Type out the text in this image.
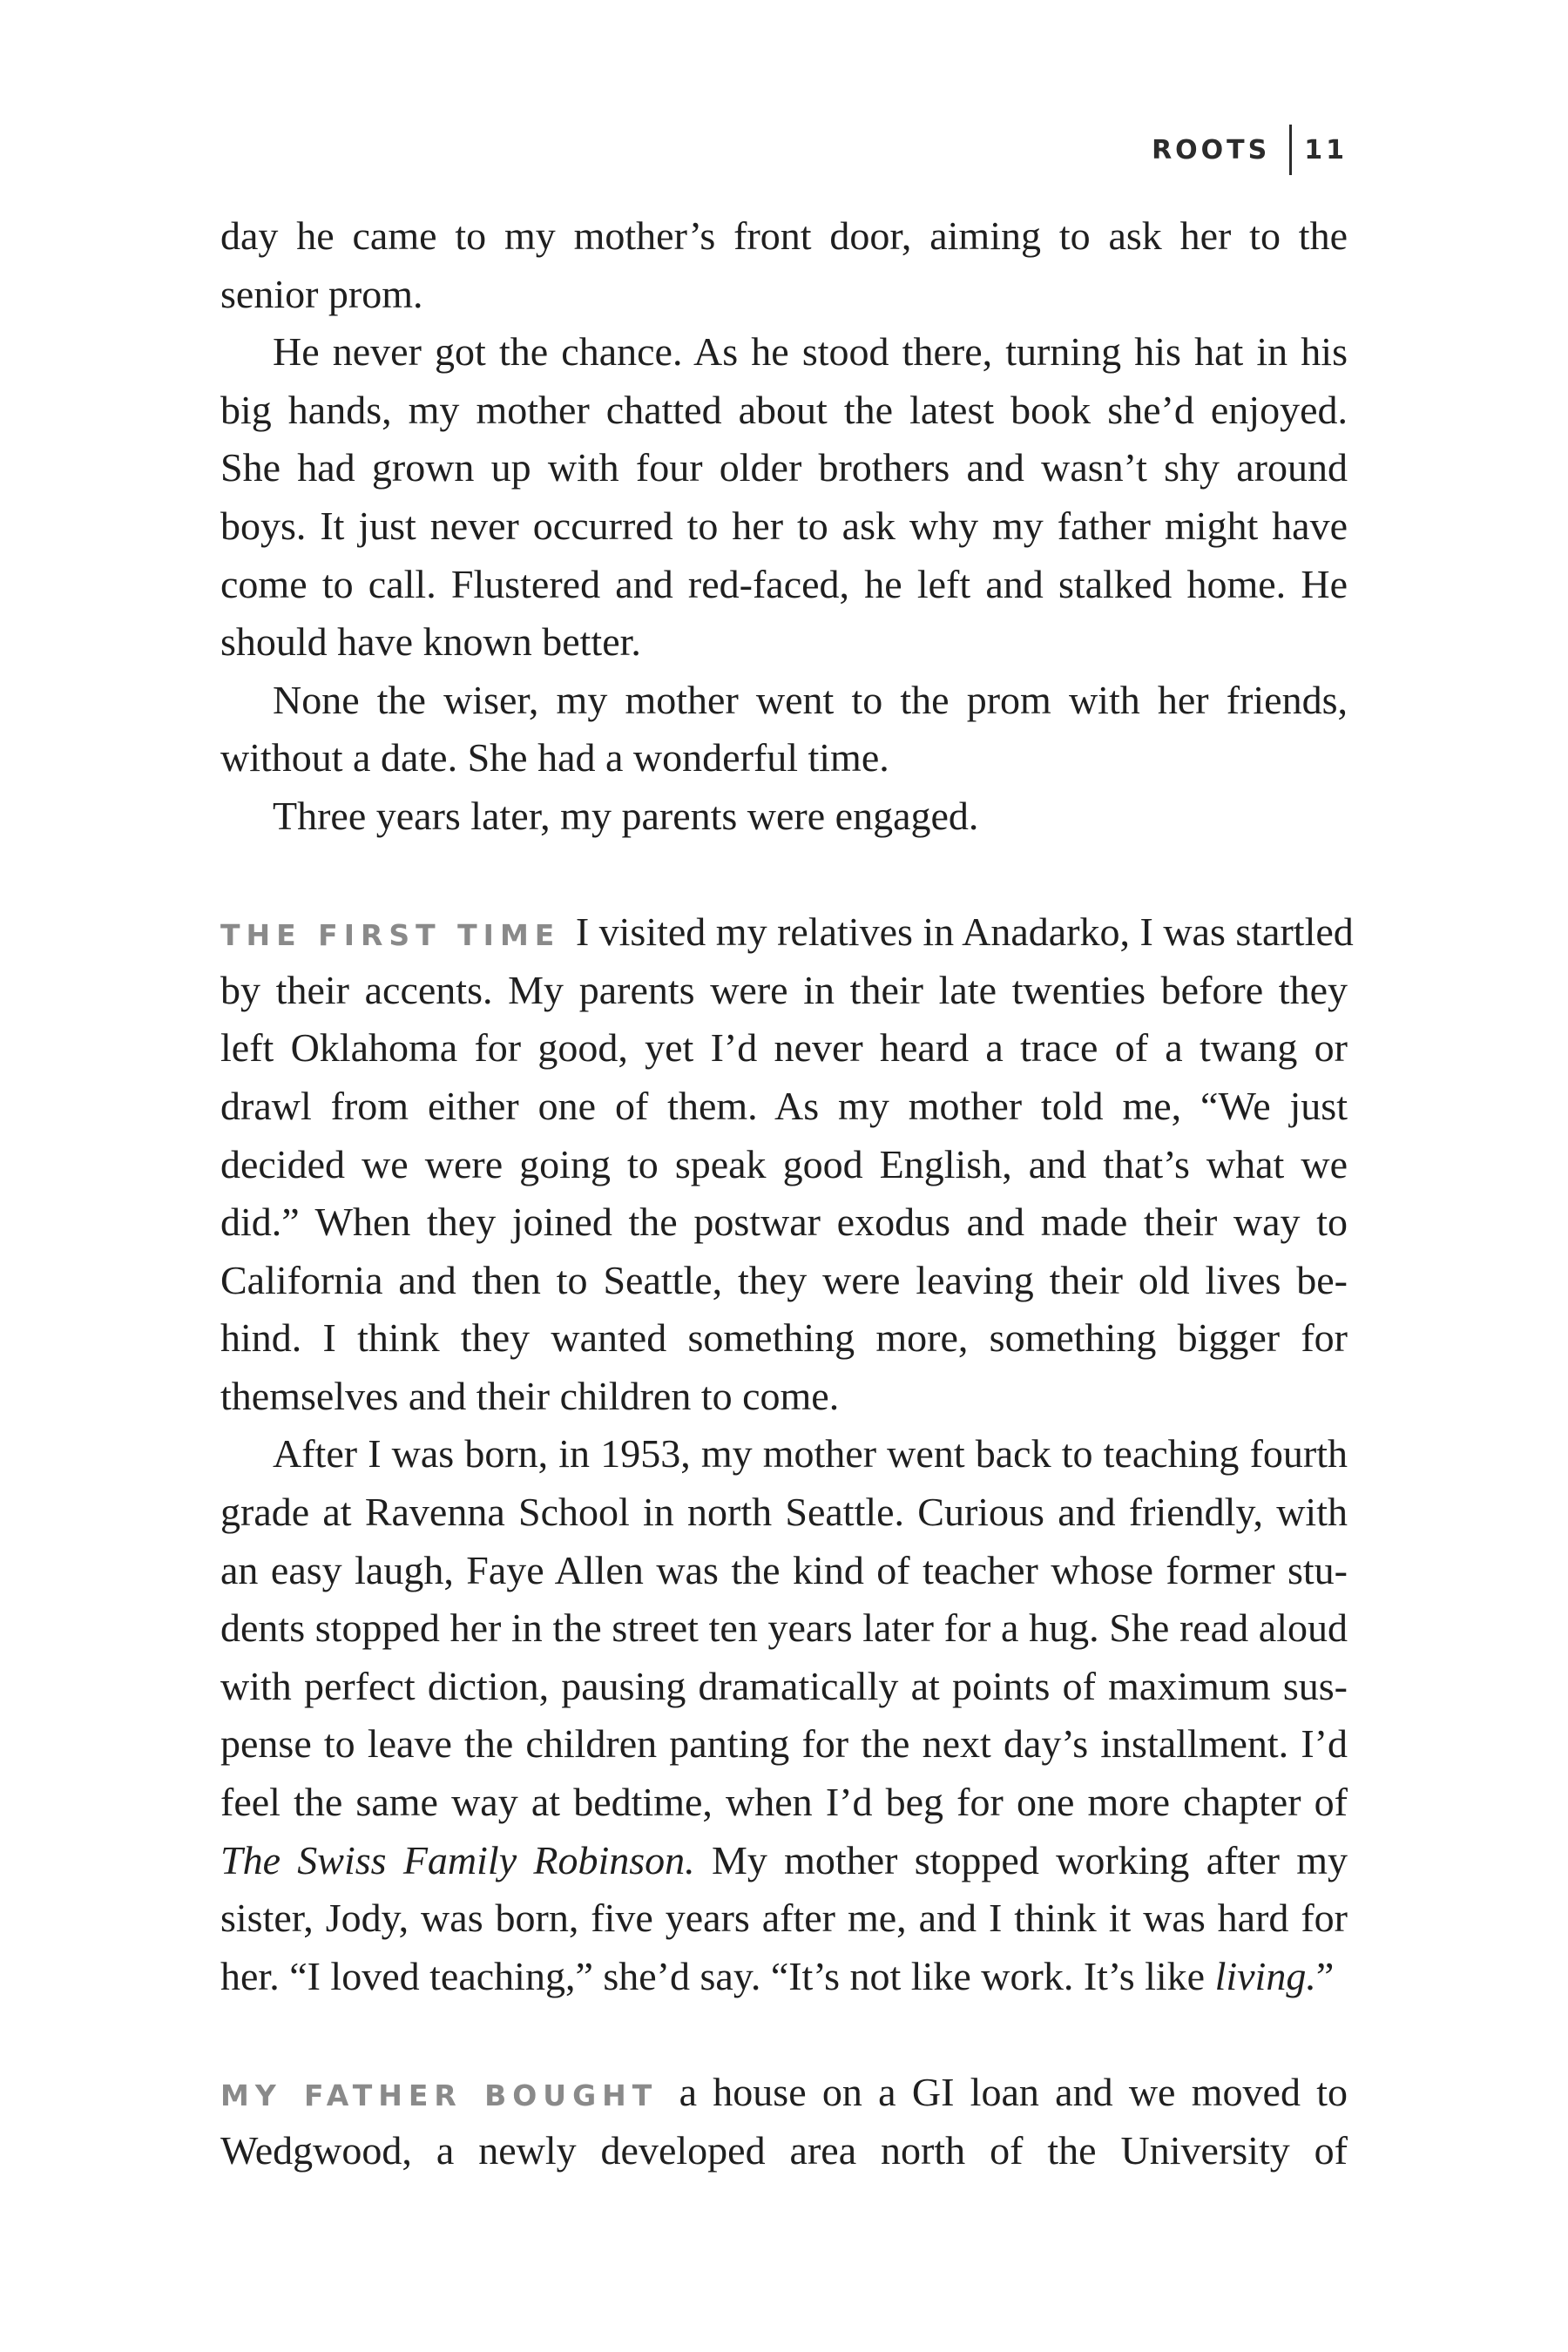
ROOTS 11
day he came to my mother’s front door, aiming to ask her to the
senior prom.
He never got the chance. As he stood there, turning his hat in his
big hands, my mother chatted about the latest book she’d enjoyed.
She had grown up with four older brothers and wasn’t shy around
boys. It just never occurred to her to ask why my father might have
come to call. Flustered and red-faced, he left and stalked home. He
should have known better.
None the wiser, my mother went to the prom with her friends,
without a date. She had a wonderful time.
Three years later, my parents were engaged.
THE FIRST TIME I visited my relatives in Anadarko, I was startled
by their accents. My parents were in their late twenties before they
left Oklahoma for good, yet I’d never heard a trace of a twang or
drawl from either one of them. As my mother told me, “We just
decided we were going to speak good English, and that’s what we
did.” When they joined the postwar exodus and made their way to
California and then to Seattle, they were leaving their old lives be-
hind. I think they wanted something more, something bigger for
themselves and their children to come.
After I was born, in 1953, my mother went back to teaching fourth
grade at Ravenna School in north Seattle. Curious and friendly, with
an easy laugh, Faye Allen was the kind of teacher whose former stu-
dents stopped her in the street ten years later for a hug. She read aloud
with perfect diction, pausing dramatically at points of maximum sus-
pense to leave the children panting for the next day’s installment. I’d
feel the same way at bedtime, when I’d beg for one more chapter of
The Swiss Family Robinson. My mother stopped working after my
sister, Jody, was born, five years after me, and I think it was hard for
her. “I loved teaching,” she’d say. “It’s not like work. It’s like living.”
MY FATHER BOUGHT a house on a GI loan and we moved to
Wedgwood, a newly developed area north of the University of
